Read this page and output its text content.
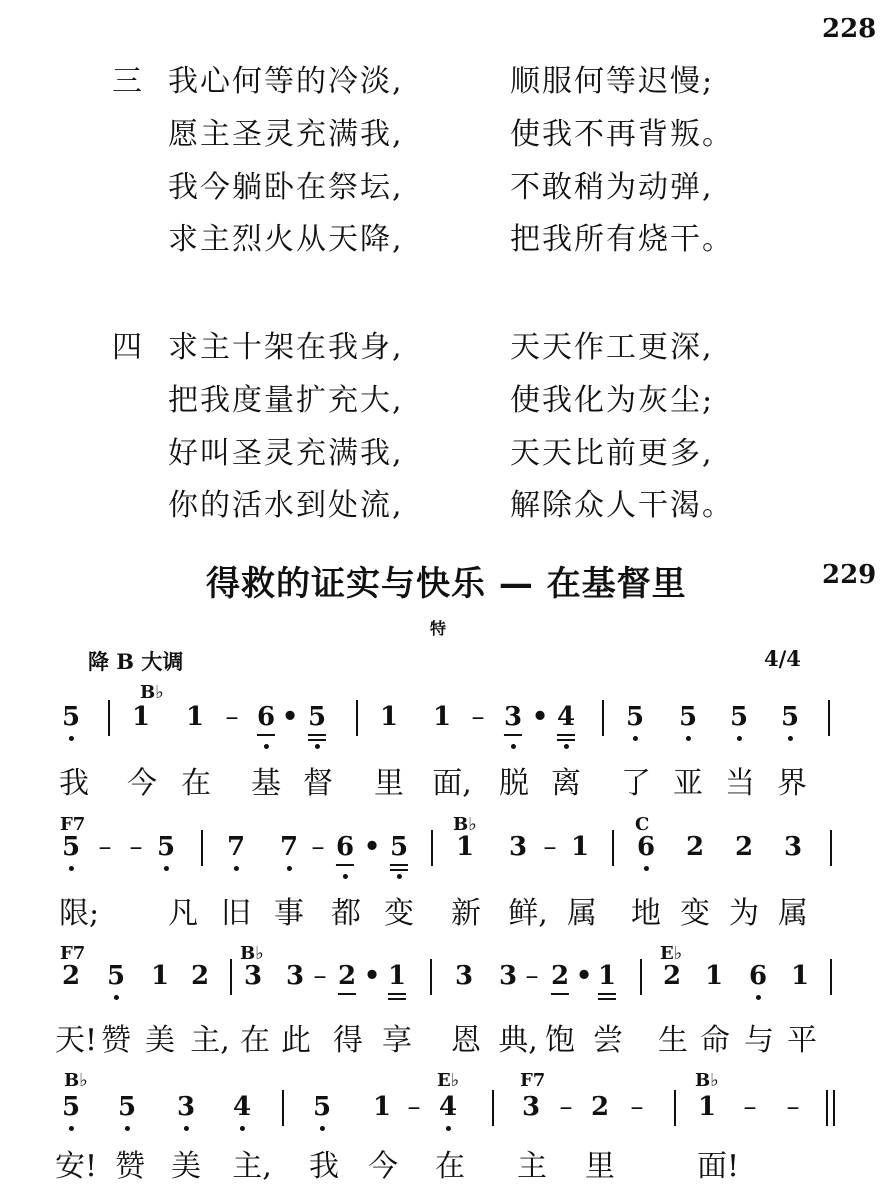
228
三 我心何等的冷淡,	顺服何等迟慢;
愿主圣灵充满我,	使我不再背叛。
我今躺卧在祭坛,	不敢稍为动弹,
求主烈火从天降,	把我所有烧干。
四 求主十架在我身,	天天作工更深,
把我度量扩充大,	使我化为灰尘;
好叫圣灵充满我,	天天比前更多,
你的活水到处流,	解除众人干渴。
得救的证实与快乐 — 在基督里	229
特
降 B 大调	4/4
B♭
5 1 1 – 6 • 5 1 1 – 3 • 4 5 5 5 5
我 今 在 基 督 里 面, 脱 离 了 亚 当 界
F7	B♭	C
5 – – 5 7 7 – 6 • 5 1 3 – 1 6 2 2 3
限; 凡 旧 事 都 变 新 鲜, 属 地 变 为 属
F7	B♭	E♭
2 5 1 2 3 3 – 2 • 1 3 3 – 2 • 1 2 1 6 1
天! 赞 美 主, 在 此 得 享 恩 典, 饱 尝 生 命 与 平
B♭	E♭	F7	B♭
5 5 3 4 5 1 – 4 3 – 2 – 1 – –
安! 赞 美 主, 我 今 在 主 里	面!
